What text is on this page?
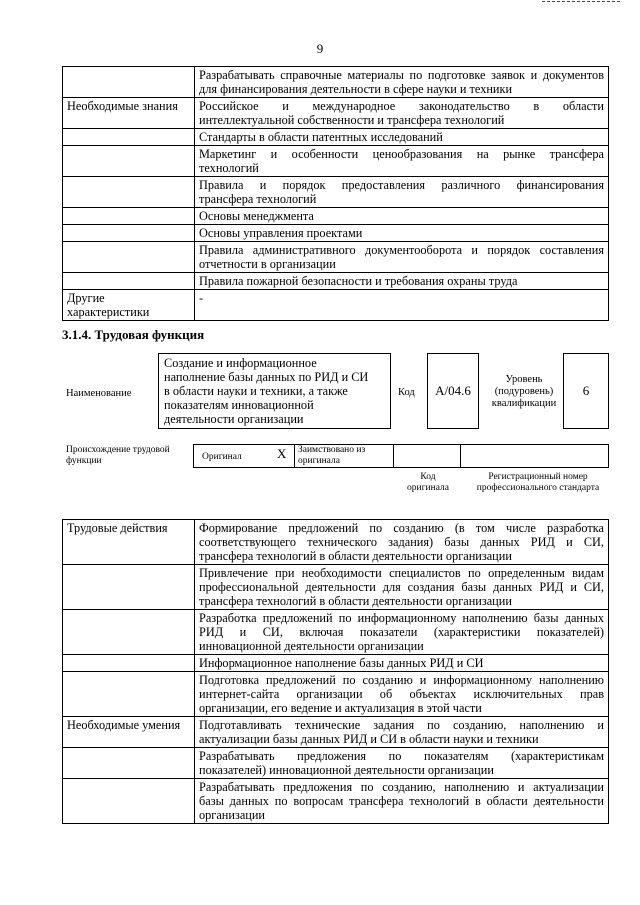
9

	Разрабатывать справочные материалы по подготовке заявок и документов
для финансирования деятельности в сфере науки и техники

Необходимые знания	Российское и международное законодательство в области
интеллектуальной собственности и трансфера технологий

	Стандарты в области патентных исследований

	Маркетинг и особенности ценообразования на рынке трансфера
технологий

	Правила и порядок предоставления различного финансирования
трансфера технологий

	Основы менеджмента

	Основы управления проектами

	Правила административного документооборота и порядок составления
отчетности в организации

	Правила пожарной безопасности и требования охраны труда

Другие характеристики	-
3.1.4. Трудовая функция
Наименование
Создание и информационное
наполнение базы данных по РИД и СИ
в области науки и техники, а также
показателям инновационной
деятельности организации
Код	A/04.6
Уровень (подуровень) квалификации
6
Происхождение трудовой функции	Оригинал	X Заимствовано из оригинала
Код оригинала
Регистрационный номер профессионального стандарта
Трудовые действия	Формирование предложений по созданию (в том числе разработка
соответствующего технического задания) базы данных РИД и СИ,
трансфера технологий в области деятельности организации

	Привлечение при необходимости специалистов по определенным видам
профессиональной деятельности для создания базы данных РИД и СИ,
трансфера технологий в области деятельности организации

	Разработка предложений по информационному наполнению базы данных
РИД и СИ, включая показатели (характеристики показателей)
инновационной деятельности организации

	Информационное наполнение базы данных РИД и СИ

	Подготовка предложений по созданию и информационному наполнению
интернет-сайта организации об объектах исключительных прав
организации, его ведение и актуализация в этой части

Необходимые умения	Подготавливать технические задания по созданию, наполнению и
актуализации базы данных РИД и СИ в области науки и техники

	Разрабатывать предложения по показателям (характеристикам
показателей) инновационной деятельности организации

	Разрабатывать предложения по созданию, наполнению и актуализации
базы данных по вопросам трансфера технологий в области деятельности
организации
